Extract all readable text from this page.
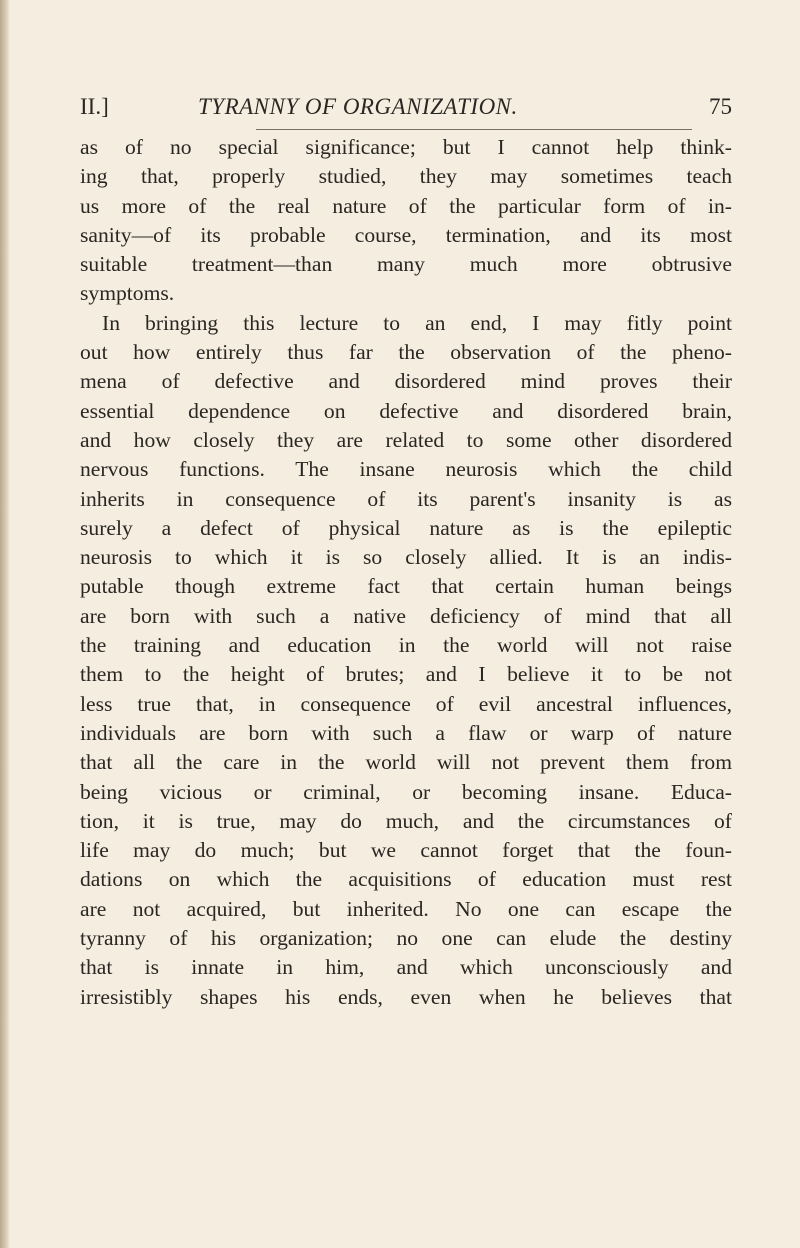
II.]	TYRANNY OF ORGANIZATION.	75
as of no special significance; but I cannot help think-
ing that, properly studied, they may sometimes teach
us more of the real nature of the particular form of in-
sanity—of its probable course, termination, and its most
suitable treatment—than many much more obtrusive
symptoms.
In bringing this lecture to an end, I may fitly point
out how entirely thus far the observation of the pheno-
mena of defective and disordered mind proves their
essential dependence on defective and disordered brain,
and how closely they are related to some other disordered
nervous functions. The insane neurosis which the child
inherits in consequence of its parent's insanity is as
surely a defect of physical nature as is the epileptic
neurosis to which it is so closely allied. It is an indis-
putable though extreme fact that certain human beings
are born with such a native deficiency of mind that all
the training and education in the world will not raise
them to the height of brutes; and I believe it to be not
less true that, in consequence of evil ancestral influences,
individuals are born with such a flaw or warp of nature
that all the care in the world will not prevent them from
being vicious or criminal, or becoming insane. Educa-
tion, it is true, may do much, and the circumstances of
life may do much; but we cannot forget that the foun-
dations on which the acquisitions of education must rest
are not acquired, but inherited. No one can escape the
tyranny of his organization; no one can elude the destiny
that is innate in him, and which unconsciously and
irresistibly shapes his ends, even when he believes that
